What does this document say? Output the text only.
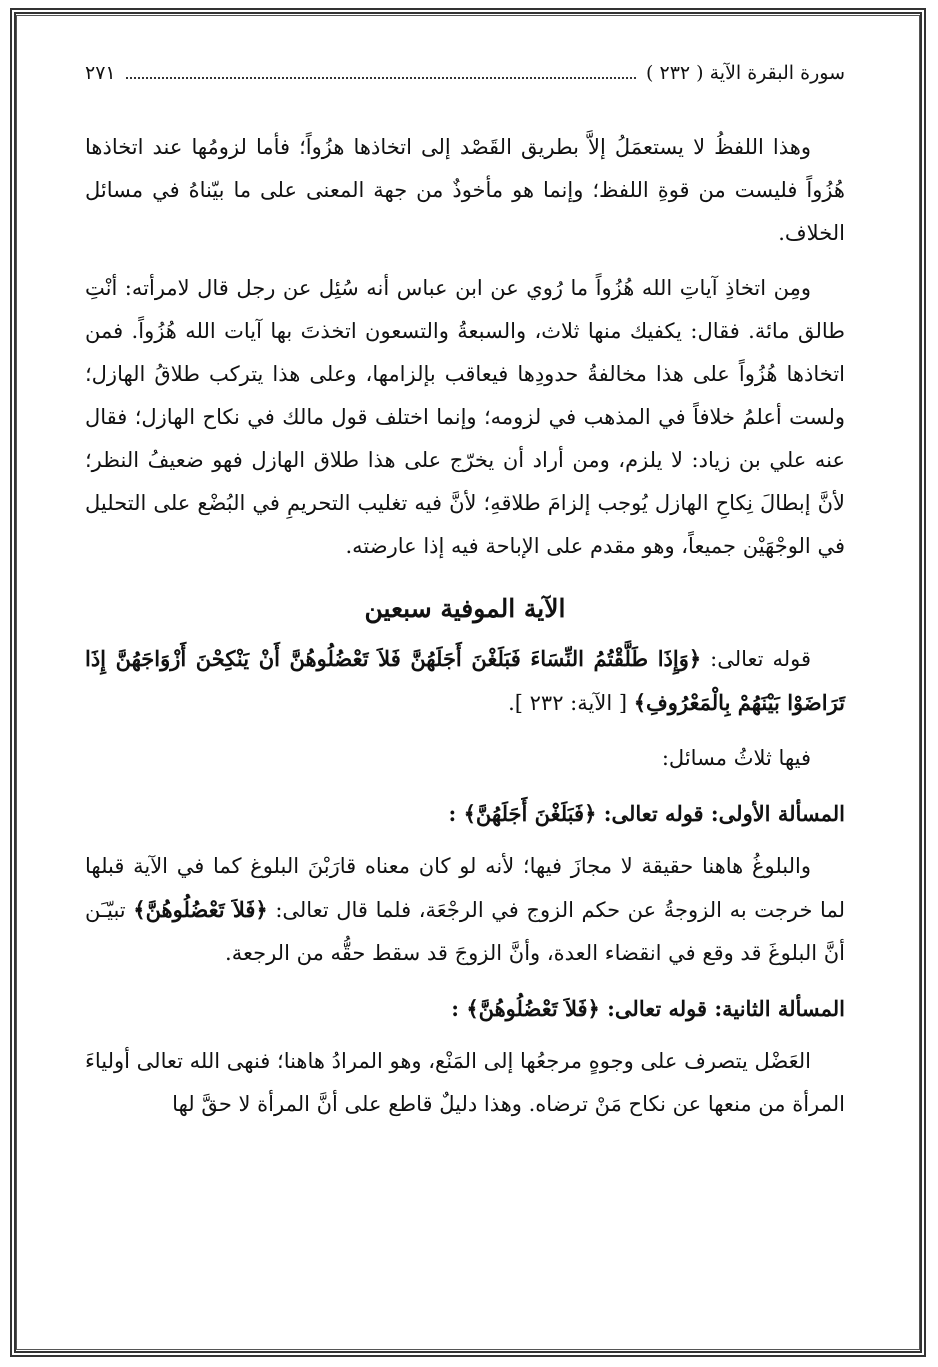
سورة البقرة الآية ( ٢٣٢ )
٢٧١

وهذا اللفظُ لا يستعمَلُ إلاَّ بطريق القَصْد إلى اتخاذها هزُواً؛ فأما لزومُها عند اتخاذها هُزُواً فليست من قوةِ اللفظ؛ وإنما هو مأخوذٌ من جهة المعنى على ما بيّناهُ في مسائل الخلاف.

ومِن اتخاذِ آياتِ الله هُزُواً ما رُوي عن ابن عباس أنه سُئِل عن رجل قال لامرأته: أنْتِ طالق مائة. فقال: يكفيك منها ثلاث، والسبعةُ والتسعون اتخذتَ بها آيات الله هُزُواً. فمن اتخاذها هُزُواً على هذا مخالفةُ حدودِها فيعاقب بإلزامها، وعلى هذا يتركب طلاقُ الهازل؛ ولست أعلمُ خلافاً في المذهب في لزومه؛ وإنما اختلف قول مالك في نكاح الهازل؛ فقال عنه علي بن زياد: لا يلزم، ومن أراد أن يخرّج على هذا طلاق الهازل فهو ضعيفُ النظر؛ لأنَّ إبطالَ نِكاحِ الهازل يُوجب إلزامَ طلاقهِ؛ لأنَّ فيه تغليب التحريمِ في البُضْع على التحليل في الوجْهَيْن جميعاً، وهو مقدم على الإباحة فيه إذا عارضته.

الآية الموفية سبعين

قوله تعالى: ﴿وَإِذَا طَلَّقْتُمُ النِّسَاءَ فَبَلَغْنَ أَجَلَهُنَّ فَلاَ تَعْضُلُوهُنَّ أَنْ يَنْكِحْنَ أَزْوَاجَهُنَّ إِذَا تَرَاضَوْا بَيْنَهُمْ بِالْمَعْرُوفِ﴾ [ الآية: ٢٣٢ ].

فيها ثلاثُ مسائل:

المسألة الأولى: قوله تعالى: ﴿فَبَلَغْنَ أَجَلَهُنَّ﴾ :

والبلوغُ هاهنا حقيقة لا مجازَ فيها؛ لأنه لو كان معناه قارَبْنَ البلوغ كما في الآية قبلها لما خرجت به الزوجةُ عن حكم الزوج في الرجْعَة، فلما قال تعالى: ﴿فَلاَ تَعْضُلُوهُنَّ﴾ تبيّـَن أنَّ البلوغَ قد وقع في انقضاء العدة، وأنَّ الزوجَ قد سقط حقُّه من الرجعة.

المسألة الثانية: قوله تعالى: ﴿فَلاَ تَعْضُلُوهُنَّ﴾ :

العَضْل يتصرف على وجوهٍ مرجعُها إلى المَنْع، وهو المرادُ هاهنا؛ فنهى الله تعالى أولياءَ المرأة من منعها عن نكاح مَنْ ترضاه. وهذا دليلٌ قاطع على أنَّ المرأة لا حقَّ لها
